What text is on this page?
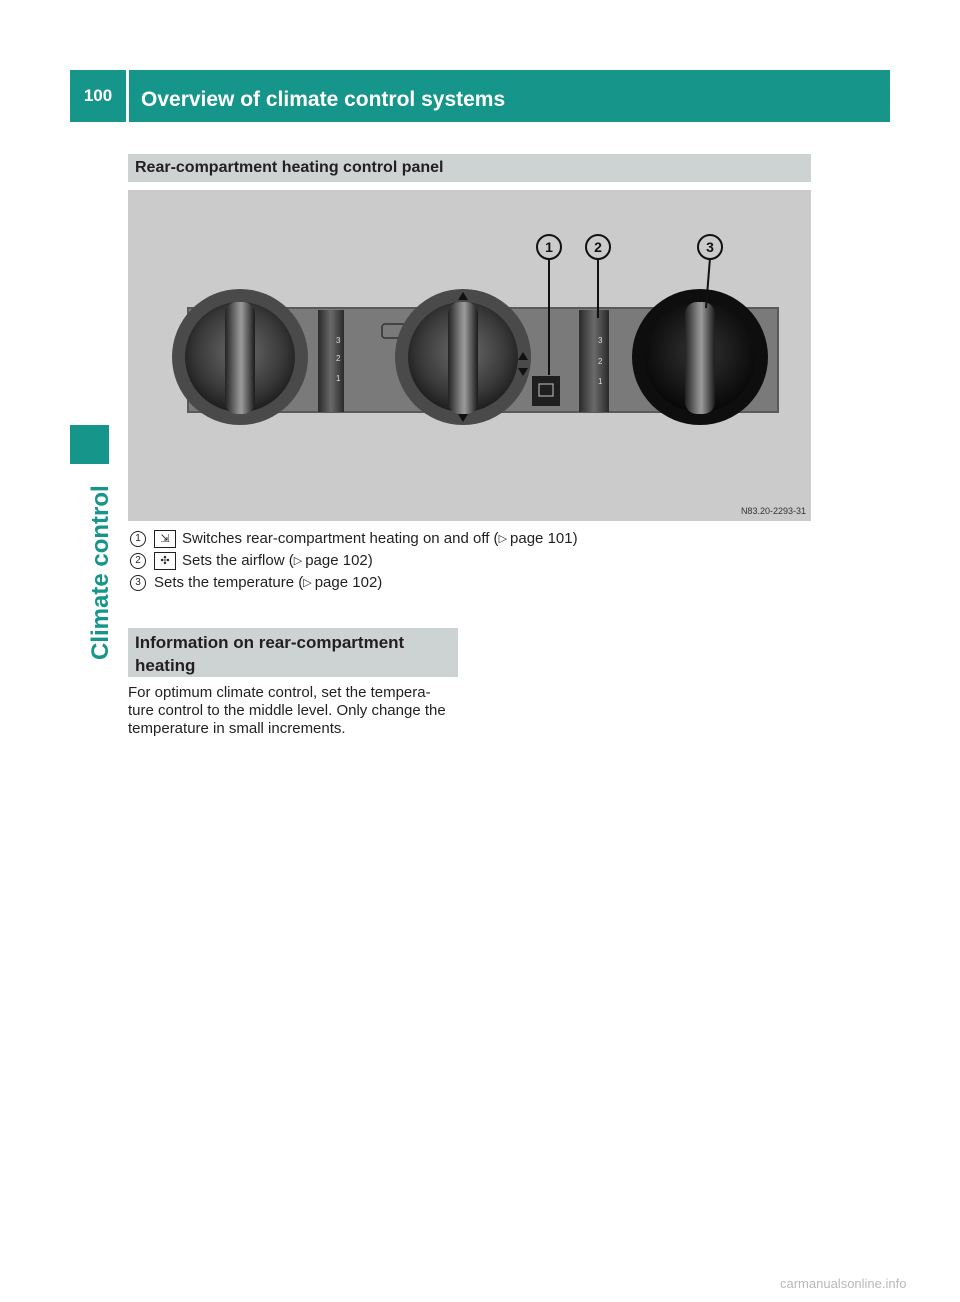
100	Overview of climate control systems
Climate control
Rear-compartment heating control panel
3
2
1
3
2
1
1	2	3
N83.20-2293-31
1	⇲ Switches rear-compartment heating on and off ( ▷ page 101)
2	✣ Sets the airflow ( ▷ page 102)
3 Sets the temperature ( ▷ page 102)
Information on rear-compartment
heating
For optimum climate control, set the tempera-
ture control to the middle level. Only change the
temperature in small increments.
carmanualsonline.info
